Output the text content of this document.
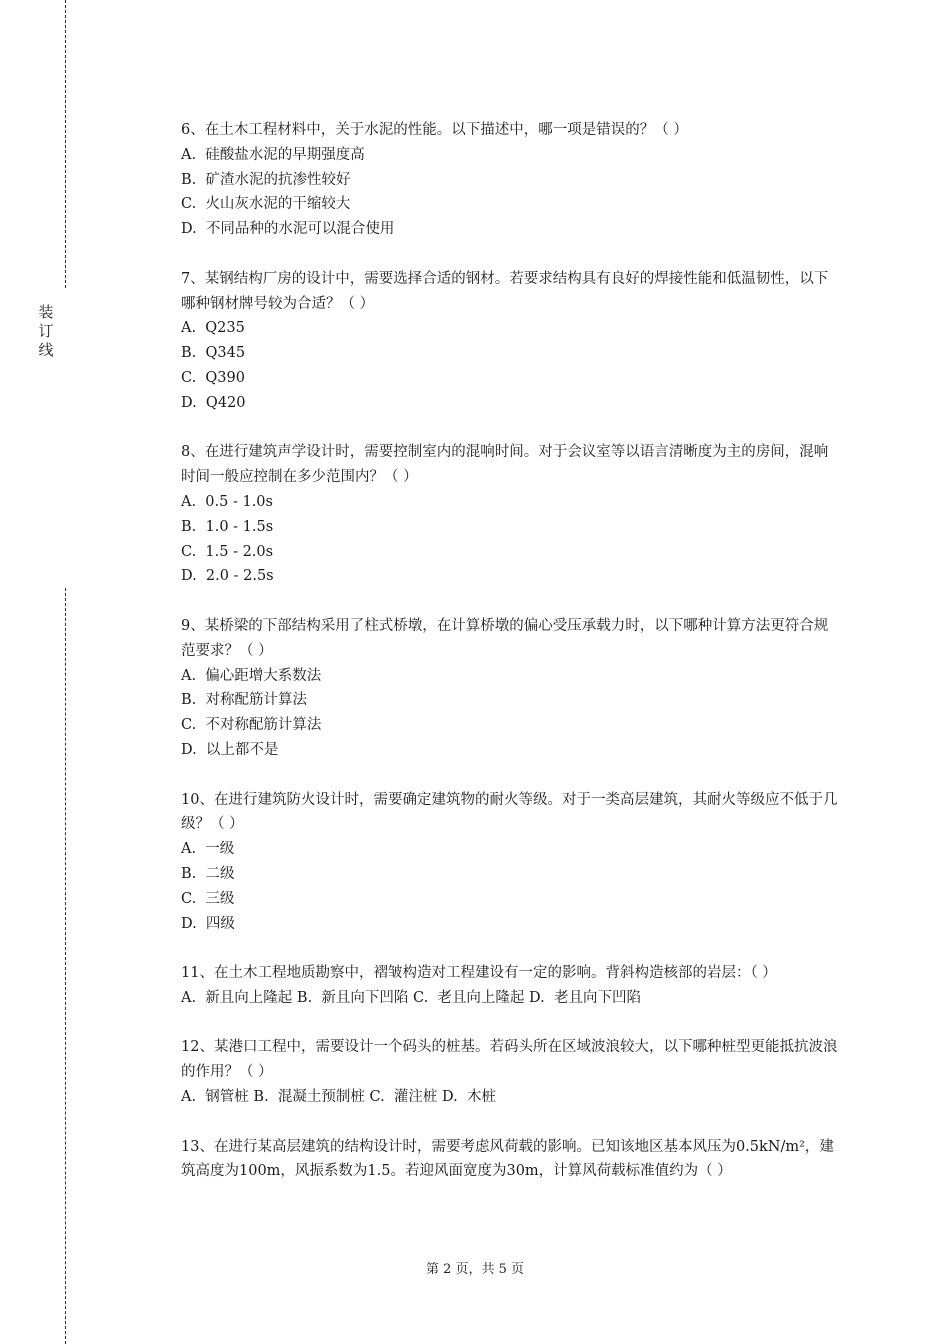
装
订
线
6、在土木工程材料中，关于水泥的性能。以下描述中，哪一项是错误的？（ ）
A.  硅酸盐水泥的早期强度高
B.  矿渣水泥的抗渗性较好
C.  火山灰水泥的干缩较大
D.  不同品种的水泥可以混合使用
7、某钢结构厂房的设计中，需要选择合适的钢材。若要求结构具有良好的焊接性能和低温韧性，以下哪种钢材牌号较为合适？（ ）
A.  Q235
B.  Q345
C.  Q390
D.  Q420
8、在进行建筑声学设计时，需要控制室内的混响时间。对于会议室等以语言清晰度为主的房间，混响时间一般应控制在多少范围内？（ ）
A.  0.5 - 1.0s
B.  1.0 - 1.5s
C.  1.5 - 2.0s
D.  2.0 - 2.5s
9、某桥梁的下部结构采用了柱式桥墩，在计算桥墩的偏心受压承载力时，以下哪种计算方法更符合规范要求？（ ）
A.  偏心距增大系数法
B.  对称配筋计算法
C.  不对称配筋计算法
D.  以上都不是
10、在进行建筑防火设计时，需要确定建筑物的耐火等级。对于一类高层建筑，其耐火等级应不低于几级？（ ）
A.  一级
B.  二级
C.  三级
D.  四级
11、在土木工程地质勘察中，褶皱构造对工程建设有一定的影响。背斜构造核部的岩层：（ ）
A.  新且向上隆起 B.  新且向下凹陷 C.  老且向上隆起 D.  老且向下凹陷
12、某港口工程中，需要设计一个码头的桩基。若码头所在区域波浪较大，以下哪种桩型更能抵抗波浪的作用？（ ）
A.  钢管桩 B.  混凝土预制桩 C.  灌注桩 D.  木桩
13、在进行某高层建筑的结构设计时，需要考虑风荷载的影响。已知该地区基本风压为0.5kN/m²，建筑高度为100m，风振系数为1.5。若迎风面宽度为30m，计算风荷载标准值约为（ ）
第 2 页，共 5 页
